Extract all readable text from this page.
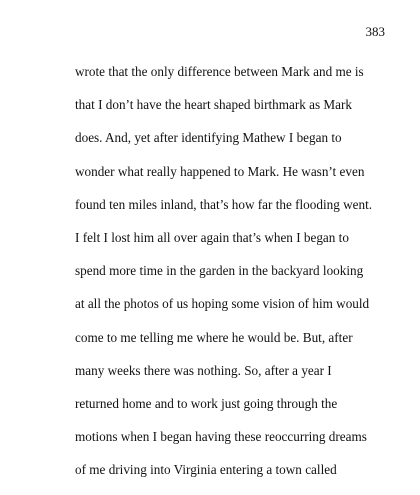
383

wrote that the only difference between Mark and me is
that I don’t have the heart shaped birthmark as Mark
does. And, yet after identifying Mathew I began to
wonder what really happened to Mark. He wasn’t even
found ten miles inland, that’s how far the flooding went.
I felt I lost him all over again that’s when I began to
spend more time in the garden in the backyard looking
at all the photos of us hoping some vision of him would
come to me telling me where he would be. But, after
many weeks there was nothing. So, after a year I
returned home and to work just going through the
motions when I began having these reoccurring dreams
of me driving into Virginia entering a town called
